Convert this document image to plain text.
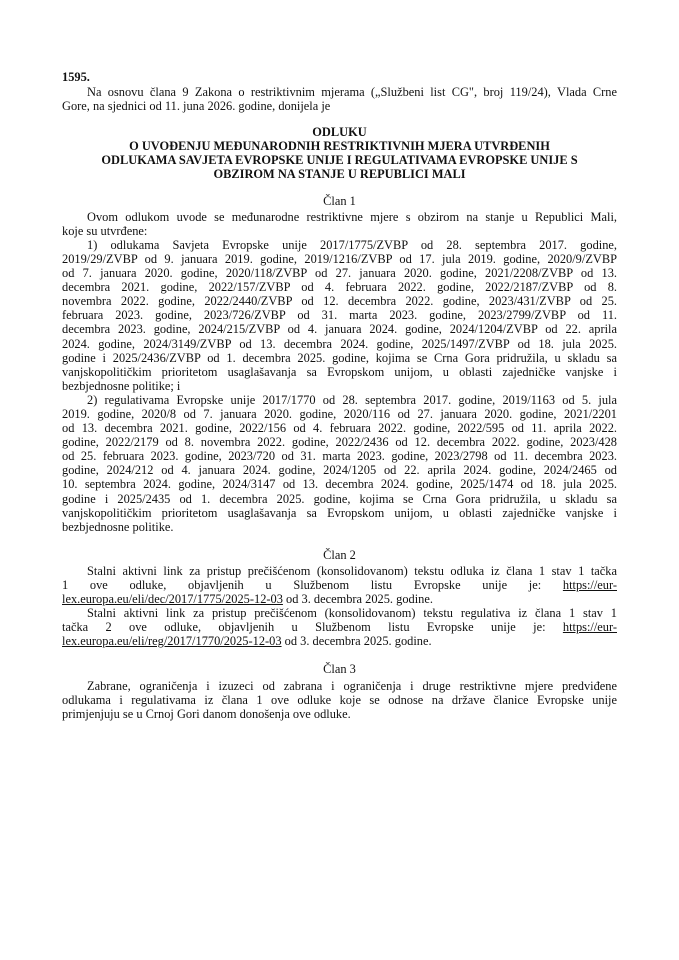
1595.

Na osnovu člana 9 Zakona o restriktivnim mjerama („Službeni list CG", broj 119/24), Vlada Crne
Gore, na sjednici od 11. juna 2026. godine, donijela je

ODLUKU

O UVOĐENJU MEĐUNARODNIH RESTRIKTIVNIH MJERA UTVRĐENIH

ODLUKAMA SAVJETA EVROPSKE UNIJE I REGULATIVAMA EVROPSKE UNIJE S

OBZIROM NA STANJE U REPUBLICI MALI

Član 1

Ovom odlukom uvode se međunarodne restriktivne mjere s obzirom na stanje u Republici Mali,
koje su utvrđene:
1) odlukama Savjeta Evropske unije 2017/1775/ZVBP od 28. septembra 2017. godine,
2019/29/ZVBP od 9. januara 2019. godine, 2019/1216/ZVBP od 17. jula 2019. godine, 2020/9/ZVBP
od 7. januara 2020. godine, 2020/118/ZVBP od 27. januara 2020. godine, 2021/2208/ZVBP od 13.
decembra 2021. godine, 2022/157/ZVBP od 4. februara 2022. godine, 2022/2187/ZVBP od 8.
novembra 2022. godine, 2022/2440/ZVBP od 12. decembra 2022. godine, 2023/431/ZVBP od 25.
februara 2023. godine, 2023/726/ZVBP od 31. marta 2023. godine, 2023/2799/ZVBP od 11.
decembra 2023. godine, 2024/215/ZVBP od 4. januara 2024. godine, 2024/1204/ZVBP od 22. aprila
2024. godine, 2024/3149/ZVBP od 13. decembra 2024. godine, 2025/1497/ZVBP od 18. jula 2025.
godine i 2025/2436/ZVBP od 1. decembra 2025. godine, kojima se Crna Gora pridružila, u skladu sa
vanjskopolitičkim prioritetom usaglašavanja sa Evropskom unijom, u oblasti zajedničke vanjske i
bezbjednosne politike; i
2) regulativama Evropske unije 2017/1770 od 28. septembra 2017. godine, 2019/1163 od 5. jula
2019. godine, 2020/8 od 7. januara 2020. godine, 2020/116 od 27. januara 2020. godine, 2021/2201
od 13. decembra 2021. godine, 2022/156 od 4. februara 2022. godine, 2022/595 od 11. aprila 2022.
godine, 2022/2179 od 8. novembra 2022. godine, 2022/2436 od 12. decembra 2022. godine, 2023/428
od 25. februara 2023. godine, 2023/720 od 31. marta 2023. godine, 2023/2798 od 11. decembra 2023.
godine, 2024/212 od 4. januara 2024. godine, 2024/1205 od 22. aprila 2024. godine, 2024/2465 od
10. septembra 2024. godine, 2024/3147 od 13. decembra 2024. godine, 2025/1474 od 18. jula 2025.
godine i 2025/2435 od 1. decembra 2025. godine, kojima se Crna Gora pridružila, u skladu sa
vanjskopolitičkim prioritetom usaglašavanja sa Evropskom unijom, u oblasti zajedničke vanjske i
bezbjednosne politike.

Član 2

Stalni aktivni link za pristup prečišćenom (konsolidovanom) tekstu odluka iz člana 1 stav 1 tačka
1 ove odluke, objavljenih u Službenom listu Evropske unije je: https://eur-
lex.europa.eu/eli/dec/2017/1775/2025-12-03 od 3. decembra 2025. godine.
Stalni aktivni link za pristup prečišćenom (konsolidovanom) tekstu regulativa iz člana 1 stav 1
tačka 2 ove odluke, objavljenih u Službenom listu Evropske unije je: https://eur-
lex.europa.eu/eli/reg/2017/1770/2025-12-03 od 3. decembra 2025. godine.

Član 3

Zabrane, ograničenja i izuzeci od zabrana i ograničenja i druge restriktivne mjere predviđene
odlukama i regulativama iz člana 1 ove odluke koje se odnose na države članice Evropske unije
primjenjuju se u Crnoj Gori danom donošenja ove odluke.
